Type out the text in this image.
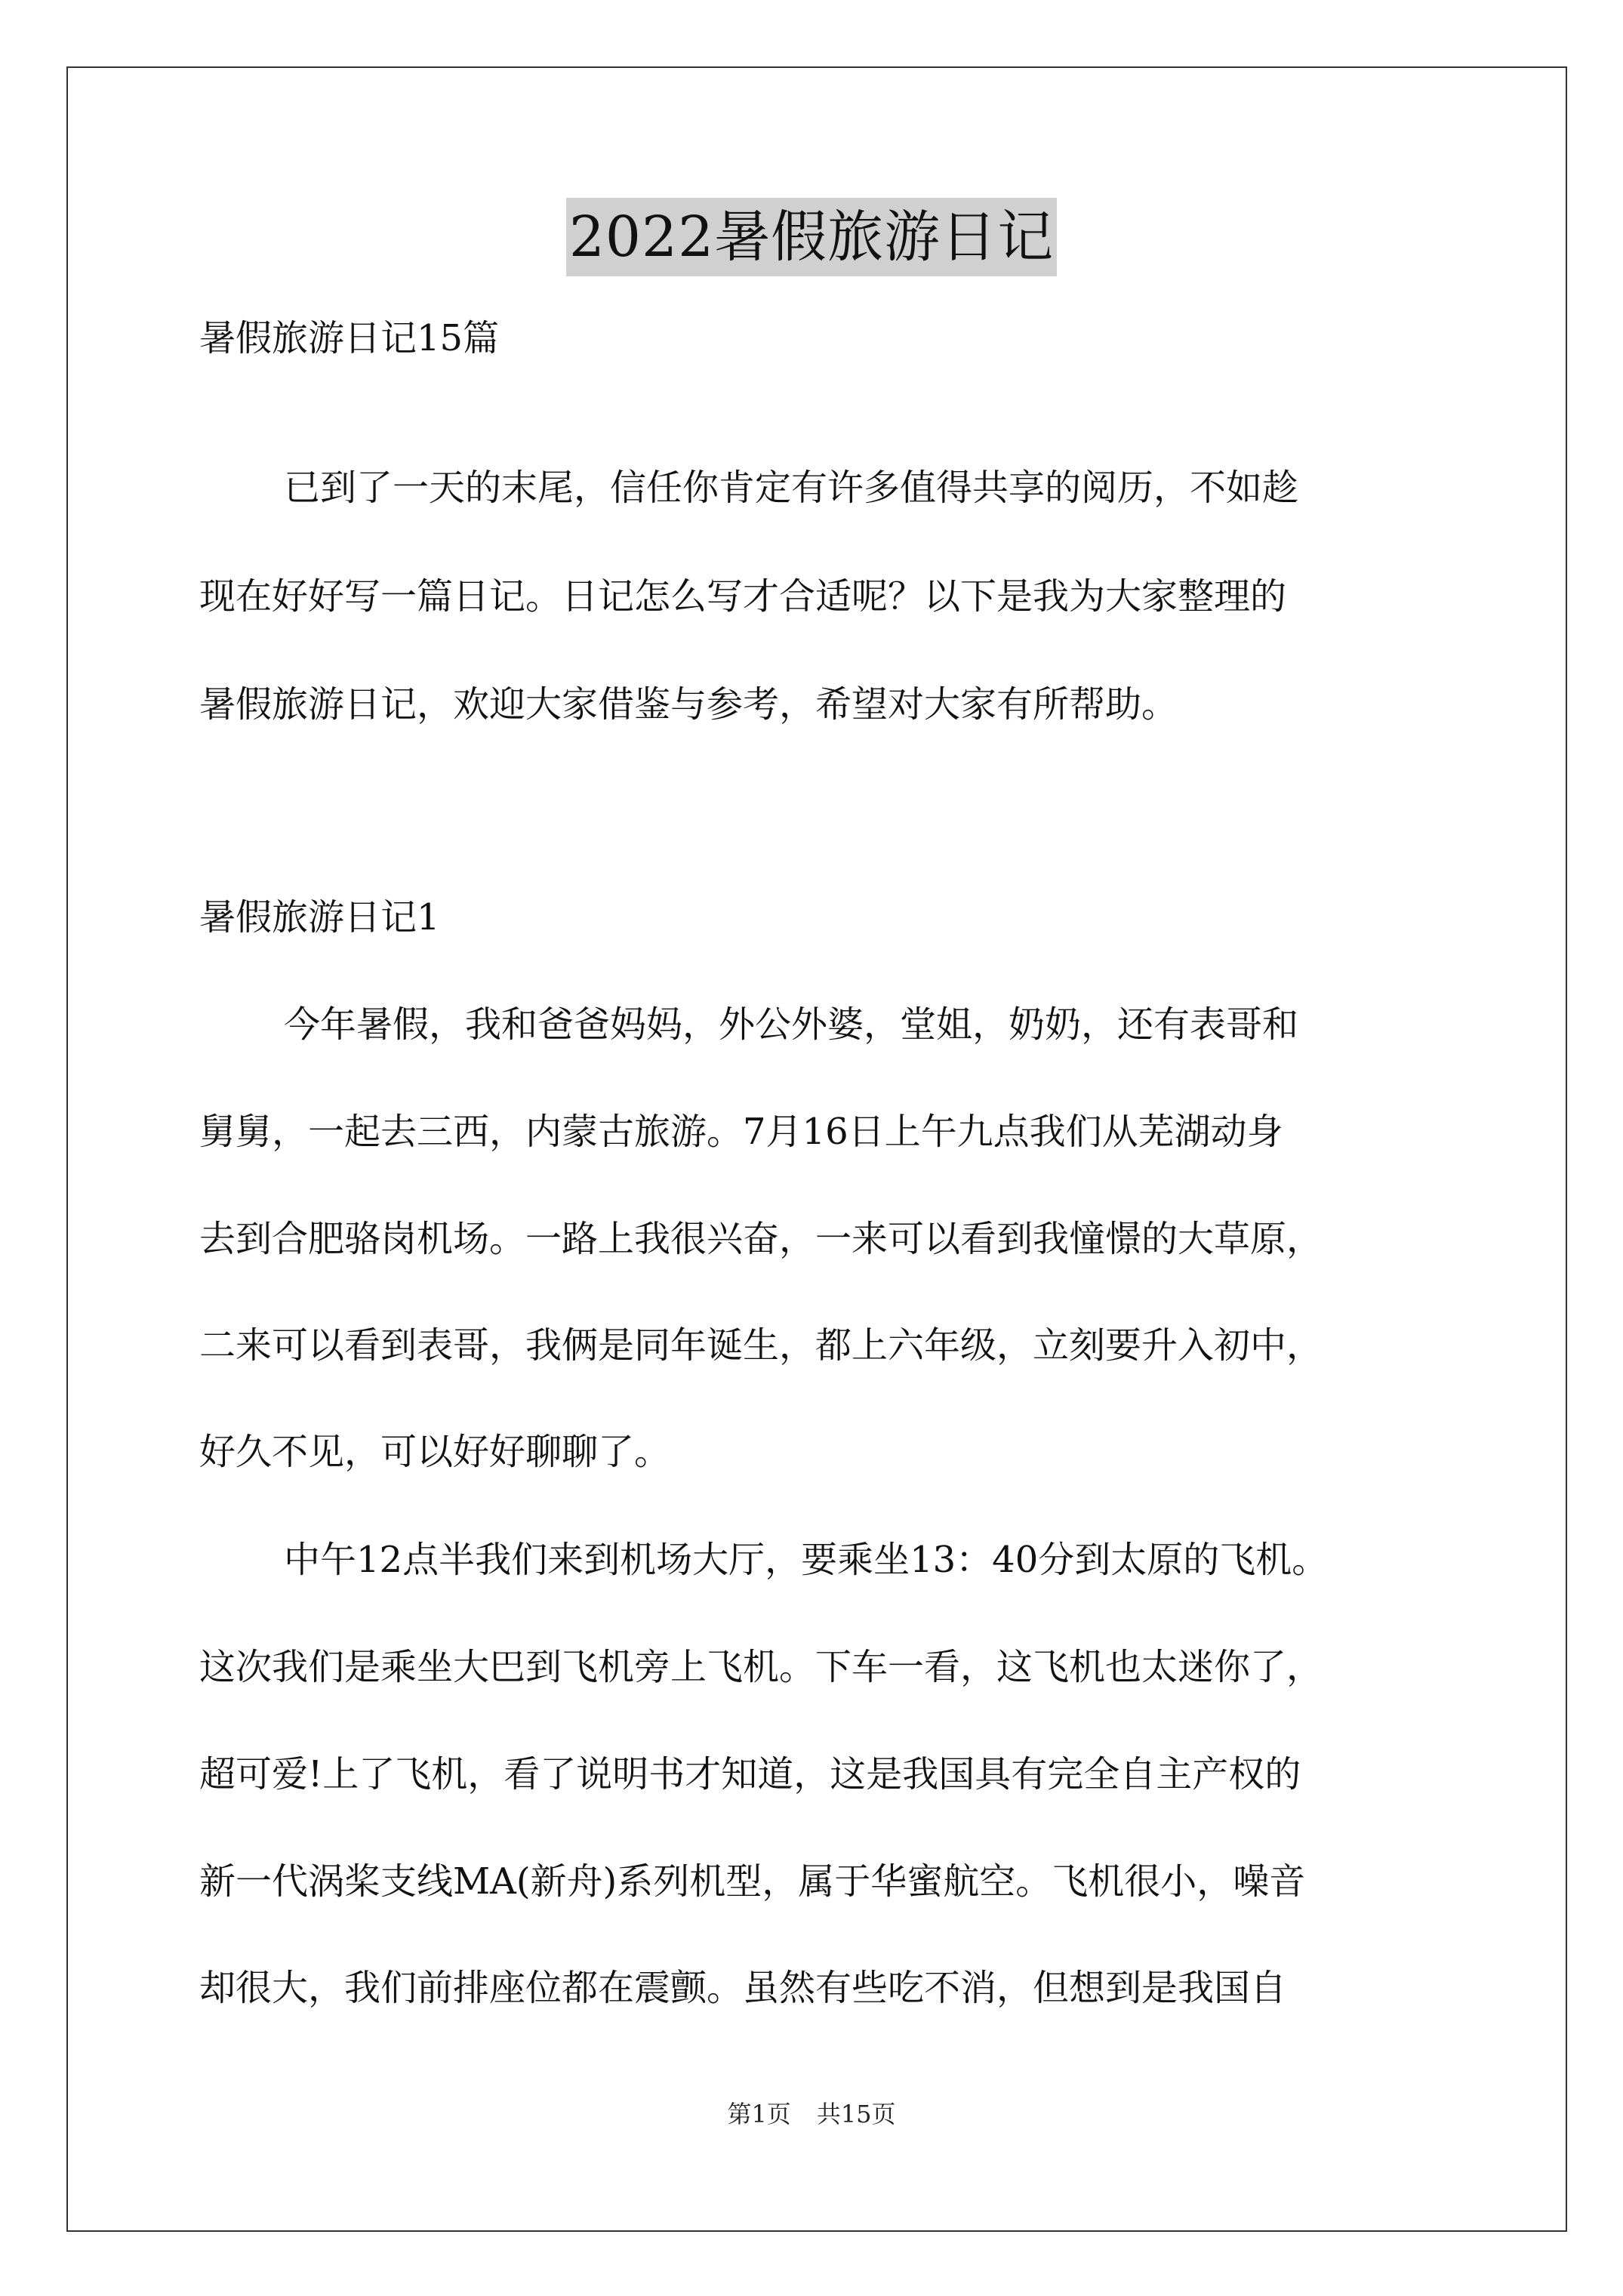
2022暑假旅游日记
暑假旅游日记15篇
已到了一天的末尾，信任你肯定有许多值得共享的阅历，不如趁
现在好好写一篇日记。日记怎么写才合适呢？以下是我为大家整理的
暑假旅游日记，欢迎大家借鉴与参考，希望对大家有所帮助。
暑假旅游日记1
今年暑假，我和爸爸妈妈，外公外婆，堂姐，奶奶，还有表哥和
舅舅，一起去三西，内蒙古旅游。7月16日上午九点我们从芜湖动身
去到合肥骆岗机场。一路上我很兴奋，一来可以看到我憧憬的大草原，
二来可以看到表哥，我俩是同年诞生，都上六年级，立刻要升入初中，
好久不见，可以好好聊聊了。
中午12点半我们来到机场大厅，要乘坐13：40分到太原的飞机。
这次我们是乘坐大巴到飞机旁上飞机。下车一看，这飞机也太迷你了，
超可爱!上了飞机，看了说明书才知道，这是我国具有完全自主产权的
新一代涡桨支线MA(新舟)系列机型，属于华蜜航空。飞机很小，噪音
却很大，我们前排座位都在震颤。虽然有些吃不消，但想到是我国自
第1页 共15页
